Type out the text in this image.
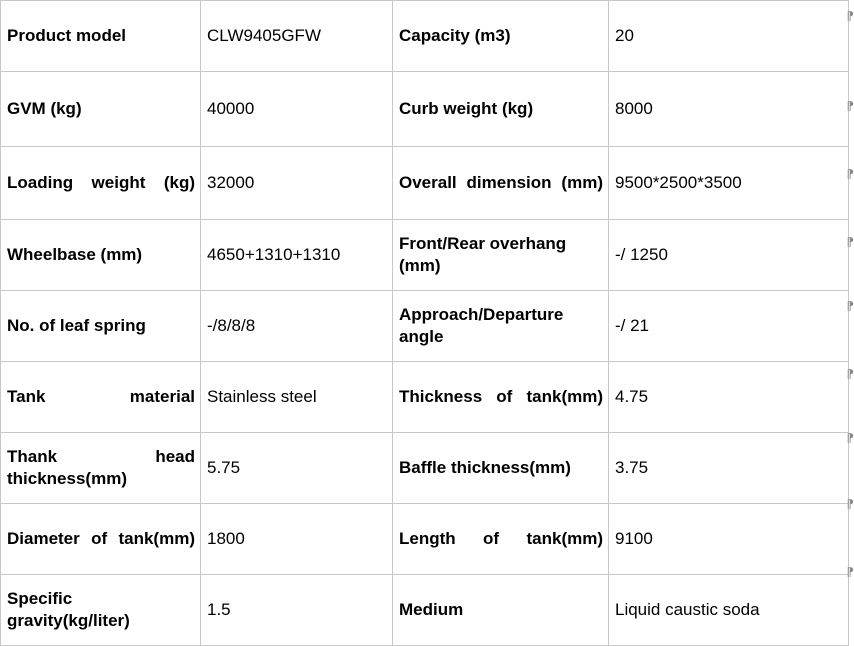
Product model	CLW9405GFW	Capacity (m3)	20

GVM (kg)	40000	Curb weight (kg)	8000

Loading weight (kg)	32000	Overall dimension (mm)	9500*2500*3500

Wheelbase (mm)	4650+1310+1310	Front/Rear overhang (mm)	-/ 1250

No. of leaf spring	-/8/8/8	Approach/Departure angle	-/ 21

Tank material	Stainless steel	Thickness of tank(mm)	4.75

Thank head thickness(mm)	5.75	Baffle thickness(mm)	3.75

Diameter of tank(mm)	1800	Length of tank(mm)	9100

Specific gravity(kg/liter)	1.5	Medium	Liquid caustic soda
⁋
⁋
⁋
⁋
⁋
⁋
⁋
⁋
⁋
